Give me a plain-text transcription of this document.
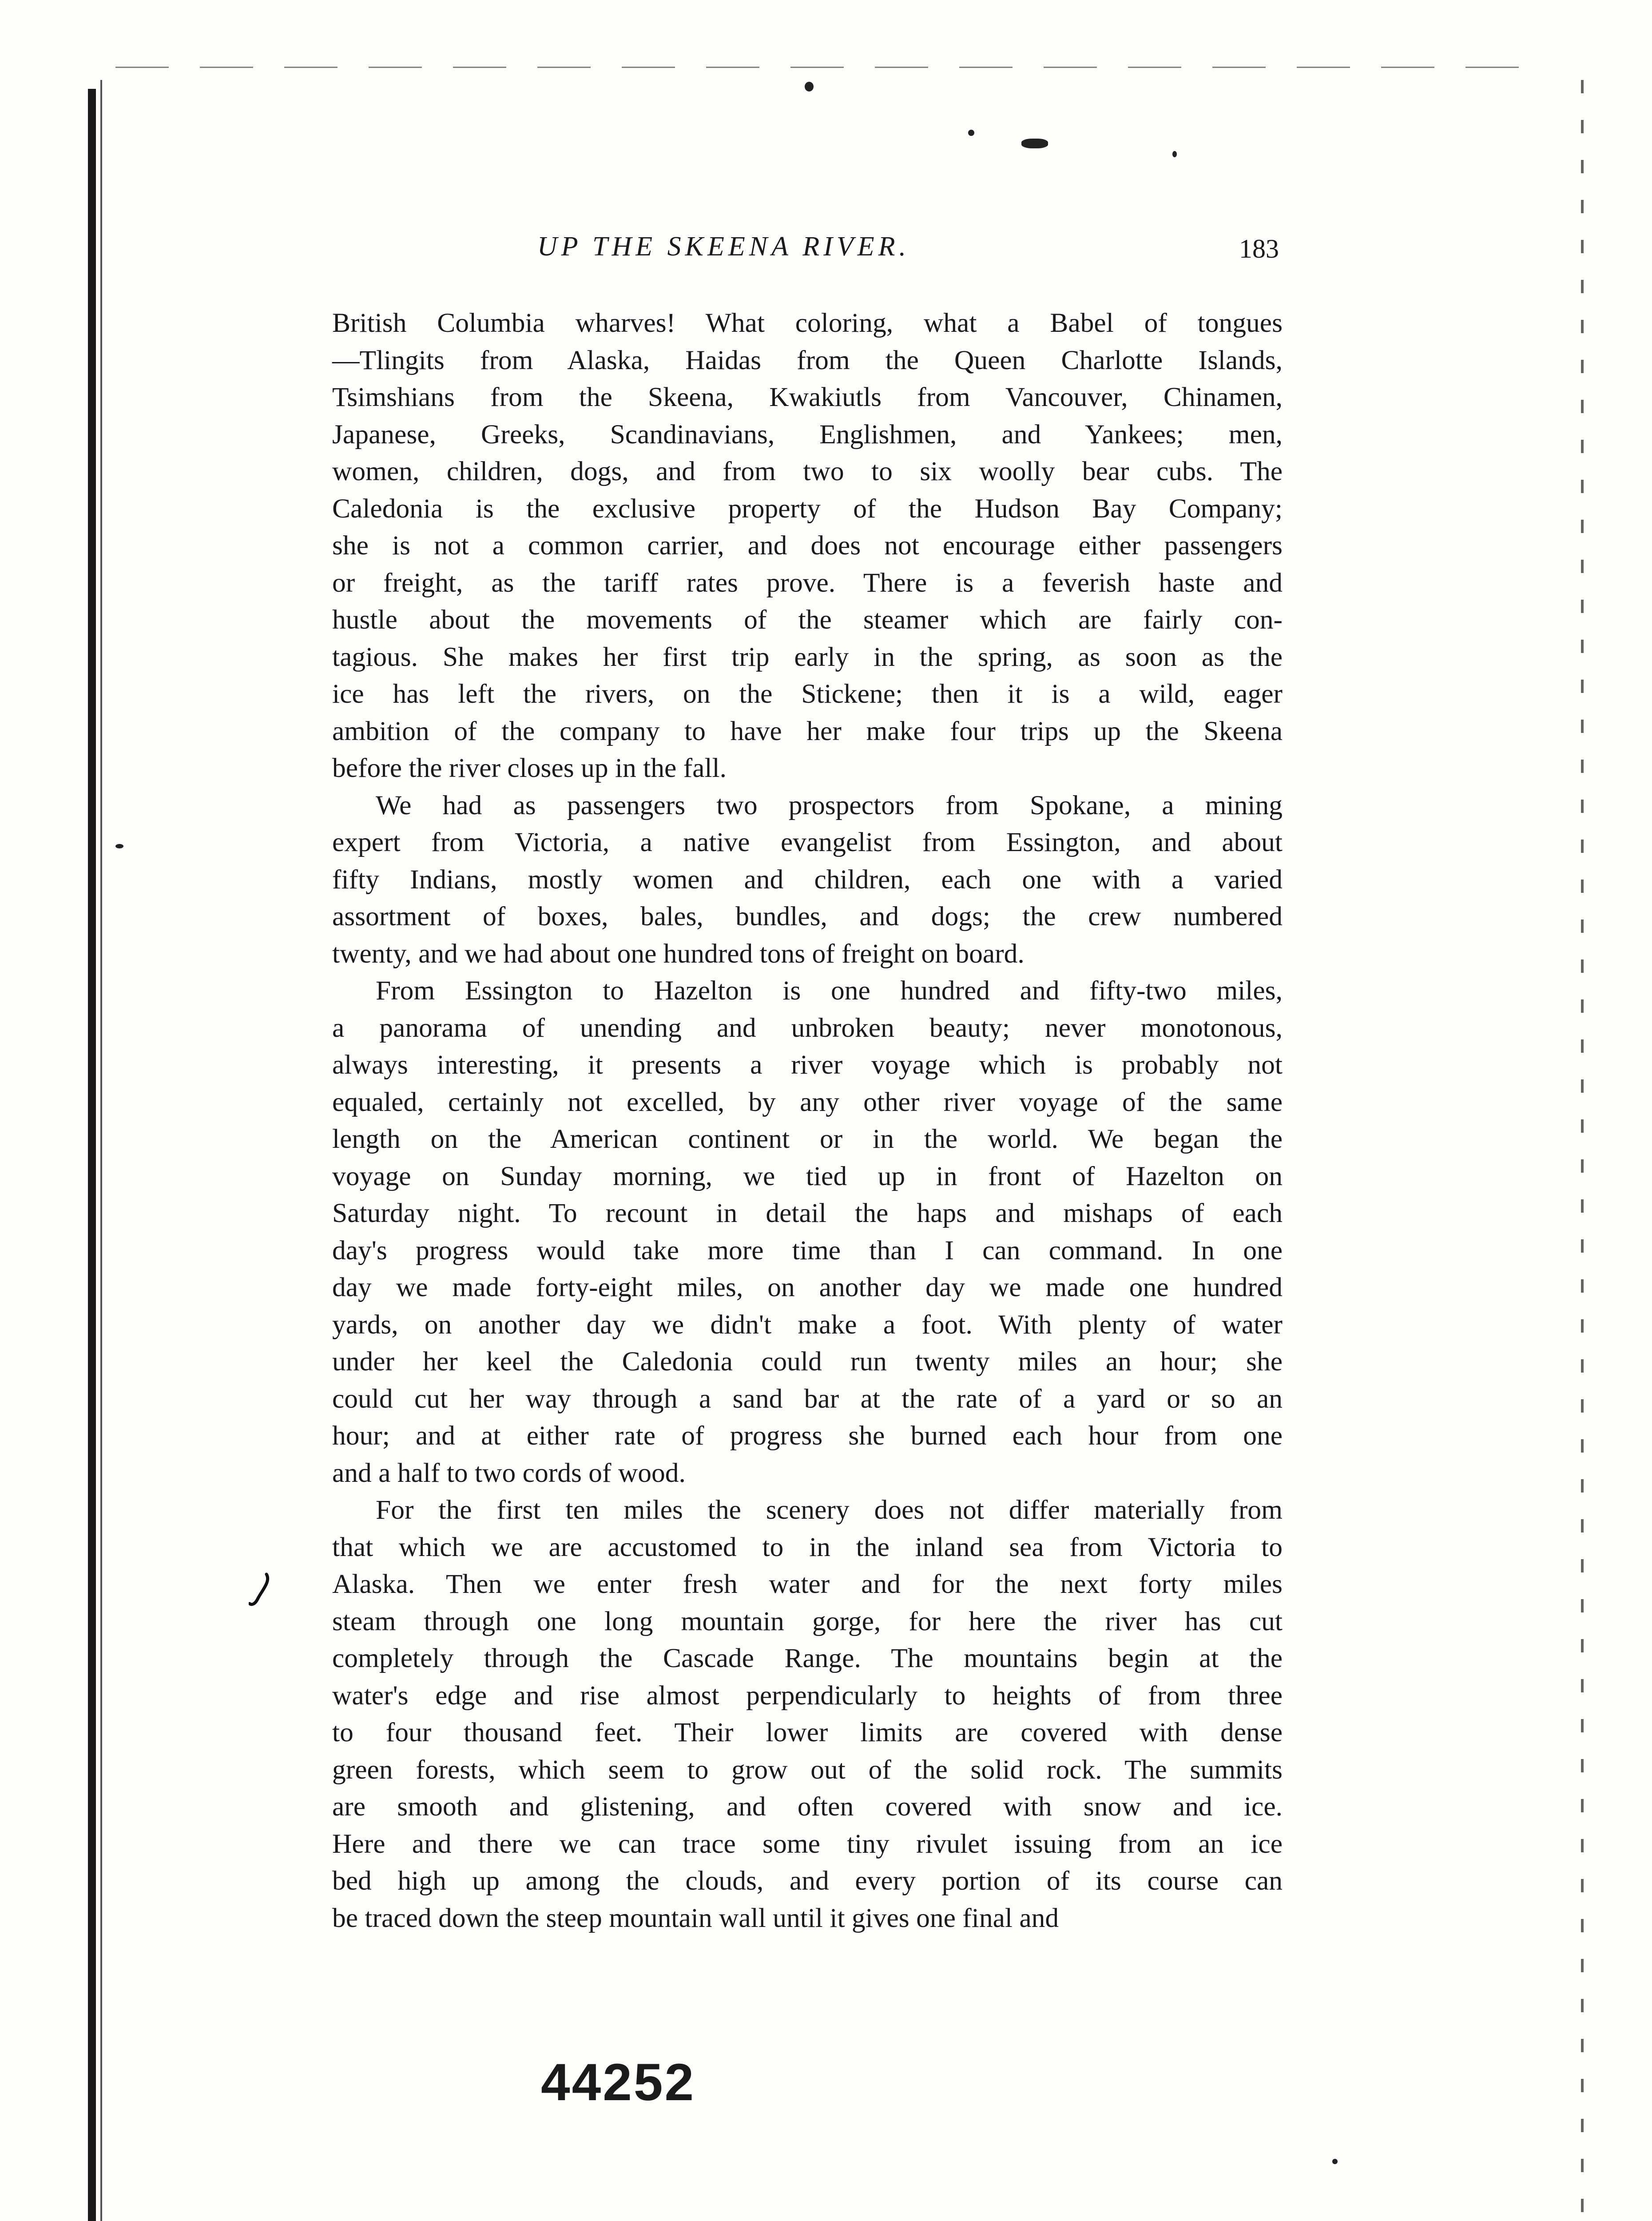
UP THE SKEENA RIVER.	183

British Columbia wharves! What coloring, what a Babel of tongues
—Tlingits from Alaska, Haidas from the Queen Charlotte Islands,
Tsimshians from the Skeena, Kwakiutls from Vancouver, Chinamen,
Japanese, Greeks, Scandinavians, Englishmen, and Yankees; men,
women, children, dogs, and from two to six woolly bear cubs. The
Caledonia is the exclusive property of the Hudson Bay Company;
she is not a common carrier, and does not encourage either passengers
or freight, as the tariff rates prove. There is a feverish haste and
hustle about the movements of the steamer which are fairly con-
tagious. She makes her first trip early in the spring, as soon as the
ice has left the rivers, on the Stickene; then it is a wild, eager
ambition of the company to have her make four trips up the Skeena
before the river closes up in the fall.

We had as passengers two prospectors from Spokane, a mining
expert from Victoria, a native evangelist from Essington, and about
fifty Indians, mostly women and children, each one with a varied
assortment of boxes, bales, bundles, and dogs; the crew numbered
twenty, and we had about one hundred tons of freight on board.

From Essington to Hazelton is one hundred and fifty-two miles,
a panorama of unending and unbroken beauty; never monotonous,
always interesting, it presents a river voyage which is probably not
equaled, certainly not excelled, by any other river voyage of the same
length on the American continent or in the world. We began the
voyage on Sunday morning, we tied up in front of Hazelton on
Saturday night. To recount in detail the haps and mishaps of each
day's progress would take more time than I can command. In one
day we made forty-eight miles, on another day we made one hundred
yards, on another day we didn't make a foot. With plenty of water
under her keel the Caledonia could run twenty miles an hour; she
could cut her way through a sand bar at the rate of a yard or so an
hour; and at either rate of progress she burned each hour from one
and a half to two cords of wood.

For the first ten miles the scenery does not differ materially from
that which we are accustomed to in the inland sea from Victoria to
Alaska. Then we enter fresh water and for the next forty miles
steam through one long mountain gorge, for here the river has cut
completely through the Cascade Range. The mountains begin at the
water's edge and rise almost perpendicularly to heights of from three
to four thousand feet. Their lower limits are covered with dense
green forests, which seem to grow out of the solid rock. The summits
are smooth and glistening, and often covered with snow and ice.
Here and there we can trace some tiny rivulet issuing from an ice
bed high up among the clouds, and every portion of its course can
be traced down the steep mountain wall until it gives one final and

44252
